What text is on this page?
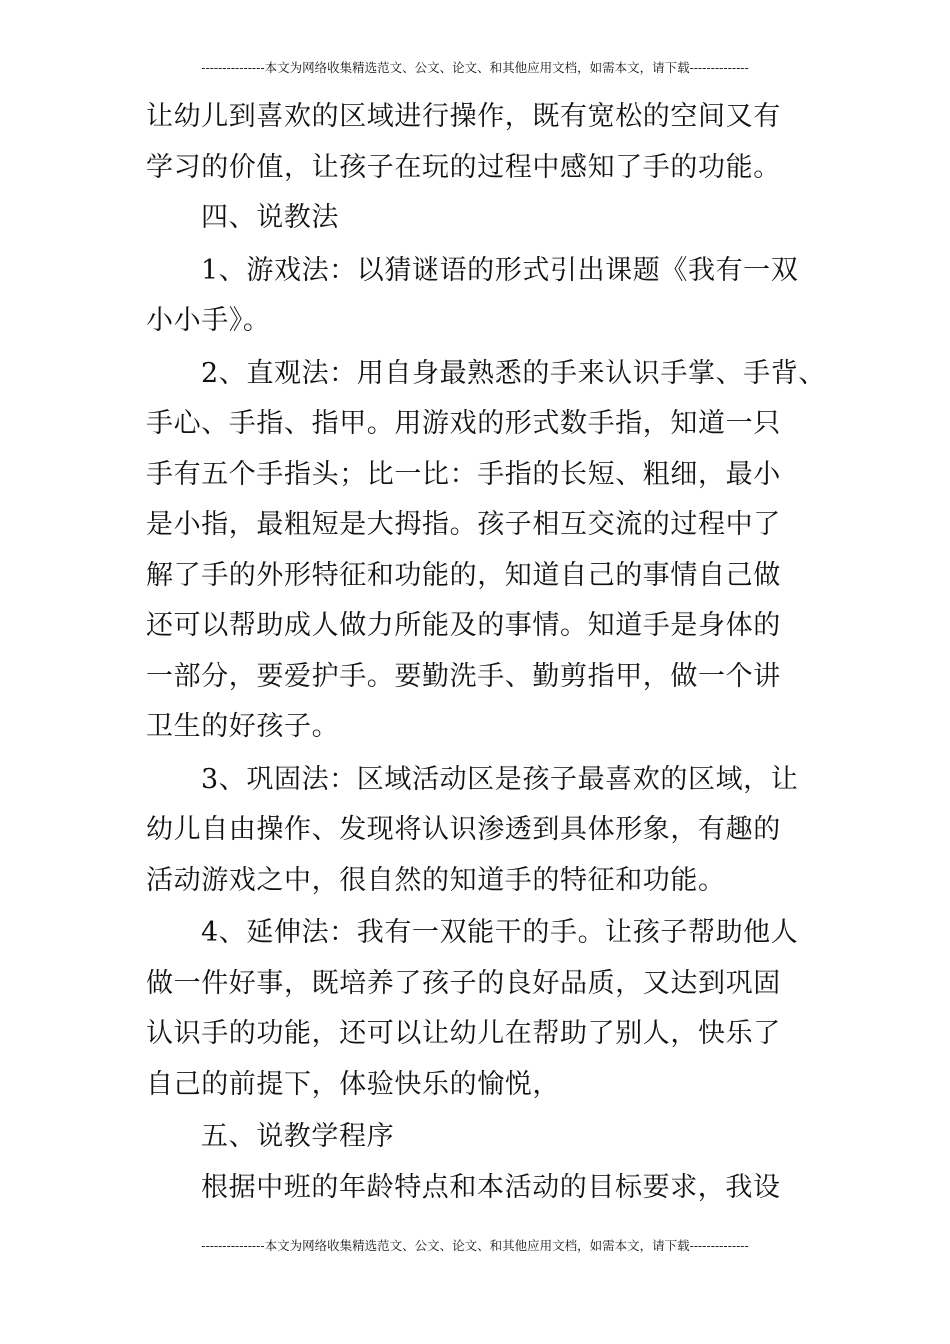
---------------本文为网络收集精选范文、公文、论文、和其他应用文档，如需本文，请下载--------------
让幼儿到喜欢的区域进行操作，既有宽松的空间又有
学习的价值，让孩子在玩的过程中感知了手的功能。
四、说教法
1、游戏法：以猜谜语的形式引出课题《我有一双
小小手》。
2、直观法：用自身最熟悉的手来认识手掌、手背、
手心、手指、指甲。用游戏的形式数手指，知道一只
手有五个手指头；比一比：手指的长短、粗细，最小
是小指，最粗短是大拇指。孩子相互交流的过程中了
解了手的外形特征和功能的，知道自己的事情自己做
还可以帮助成人做力所能及的事情。知道手是身体的
一部分，要爱护手。要勤洗手、勤剪指甲，做一个讲
卫生的好孩子。
3、巩固法：区域活动区是孩子最喜欢的区域，让
幼儿自由操作、发现将认识渗透到具体形象，有趣的
活动游戏之中，很自然的知道手的特征和功能。
4、延伸法：我有一双能干的手。让孩子帮助他人
做一件好事，既培养了孩子的良好品质，又达到巩固
认识手的功能，还可以让幼儿在帮助了别人，快乐了
自己的前提下，体验快乐的愉悦，
五、说教学程序
根据中班的年龄特点和本活动的目标要求，我设
---------------本文为网络收集精选范文、公文、论文、和其他应用文档，如需本文，请下载--------------
